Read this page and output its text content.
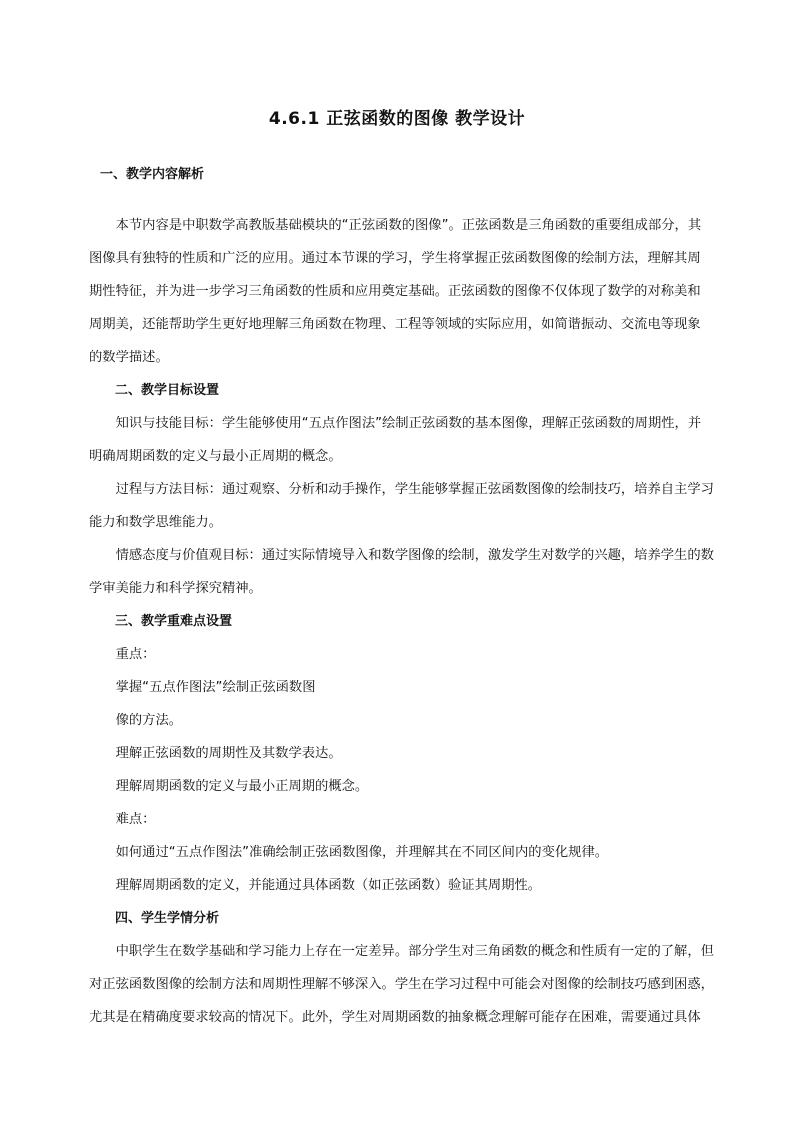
4.6.1 正弦函数的图像 教学设计
一、教学内容解析
本节内容是中职数学高教版基础模块的“正弦函数的图像”。正弦函数是三角函数的重要组成部分，其
图像具有独特的性质和广泛的应用。通过本节课的学习，学生将掌握正弦函数图像的绘制方法，理解其周
期性特征，并为进一步学习三角函数的性质和应用奠定基础。正弦函数的图像不仅体现了数学的对称美和
周期美，还能帮助学生更好地理解三角函数在物理、工程等领域的实际应用，如简谐振动、交流电等现象
的数学描述。
二、教学目标设置
知识与技能目标：学生能够使用“五点作图法”绘制正弦函数的基本图像，理解正弦函数的周期性，并
明确周期函数的定义与最小正周期的概念。
过程与方法目标：通过观察、分析和动手操作，学生能够掌握正弦函数图像的绘制技巧，培养自主学习
能力和数学思维能力。
情感态度与价值观目标：通过实际情境导入和数学图像的绘制，激发学生对数学的兴趣，培养学生的数
学审美能力和科学探究精神。
三、教学重难点设置
重点：
掌握“五点作图法”绘制正弦函数图
像的方法。
理解正弦函数的周期性及其数学表达。
理解周期函数的定义与最小正周期的概念。
难点：
如何通过“五点作图法”准确绘制正弦函数图像，并理解其在不同区间内的变化规律。
理解周期函数的定义，并能通过具体函数（如正弦函数）验证其周期性。
四、学生学情分析
中职学生在数学基础和学习能力上存在一定差异。部分学生对三角函数的概念和性质有一定的了解，但
对正弦函数图像的绘制方法和周期性理解不够深入。学生在学习过程中可能会对图像的绘制技巧感到困惑，
尤其是在精确度要求较高的情况下。此外，学生对周期函数的抽象概念理解可能存在困难，需要通过具体
